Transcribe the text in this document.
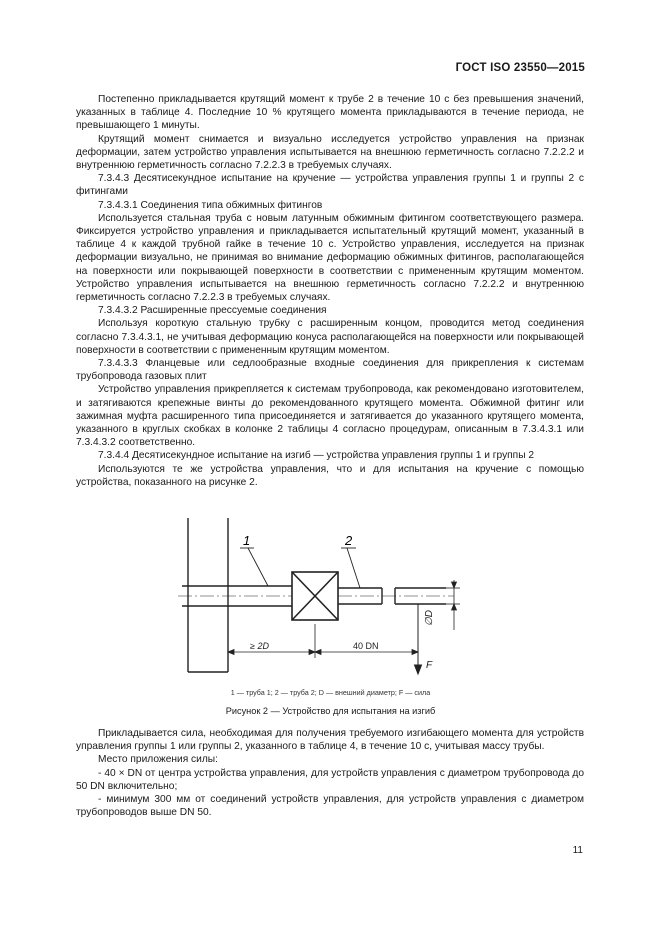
ГОСТ ISO 23550—2015

Постепенно прикладывается крутящий момент к трубе 2 в течение 10 с без превышения значений, указанных в таблице 4. Последние 10 % крутящего момента прикладываются в течение периода, не превышающего 1 минуты.

Крутящий момент снимается и визуально исследуется устройство управления на признак деформации, затем устройство управления испытывается на внешнюю герметичность согласно 7.2.2.2 и внутреннюю герметичность согласно 7.2.2.3 в требуемых случаях.

7.3.4.3 Десятисекундное испытание на кручение — устройства управления группы 1 и группы 2 с фитингами

7.3.4.3.1 Соединения типа обжимных фитингов

Используется стальная труба с новым латунным обжимным фитингом соответствующего размера. Фиксируется устройство управления и прикладывается испытательный крутящий момент, указанный в таблице 4 к каждой трубной гайке в течение 10 с. Устройство управления, исследуется на признак деформации визуально, не принимая во внимание деформацию обжимных фитингов, располагающейся на поверхности или покрывающей поверхности в соответствии с примененным крутящим моментом. Устройство управления испытывается на внешнюю герметичность согласно 7.2.2.2 и внутреннюю герметичность согласно 7.2.2.3 в требуемых случаях.

7.3.4.3.2 Расширенные прессуемые соединения

Используя короткую стальную трубку с расширенным концом, проводится метод соединения согласно 7.3.4.3.1, не учитывая деформацию конуса располагающейся на поверхности или покрывающей поверхности в соответствии с примененным крутящим моментом.

7.3.4.3.3 Фланцевые или седлообразные входные соединения для прикрепления к системам трубопровода газовых плит

Устройство управления прикрепляется к системам трубопровода, как рекомендовано изготовителем, и затягиваются крепежные винты до рекомендованного крутящего момента. Обжимной фитинг или зажимная муфта расширенного типа присоединяется и затягивается до указанного крутящего момента, указанного в круглых скобках в колонке 2 таблицы 4 согласно процедурам, описанным в 7.3.4.3.1 или 7.3.4.3.2 соответственно.

7.3.4.4 Десятисекундное испытание на изгиб — устройства управления группы 1 и группы 2

Используются те же устройства управления, что и для испытания на кручение с помощью устройства, показанного на рисунке 2.

1	2
∅D
≥ 2D	40 DN
F
1 — труба 1; 2 — труба 2; D — внешний диаметр; F — сила
Рисунок 2 — Устройство для испытания на изгиб

Прикладывается сила, необходимая для получения требуемого изгибающего момента для устройств управления группы 1 или группы 2, указанного в таблице 4, в течение 10 с, учитывая массу трубы.

Место приложения силы:

- 40 × DN от центра устройства управления, для устройств управления с диаметром трубопровода до 50 DN включительно;

- минимум 300 мм от соединений устройств управления, для устройств управления с диаметром трубопроводов выше DN 50.

11
